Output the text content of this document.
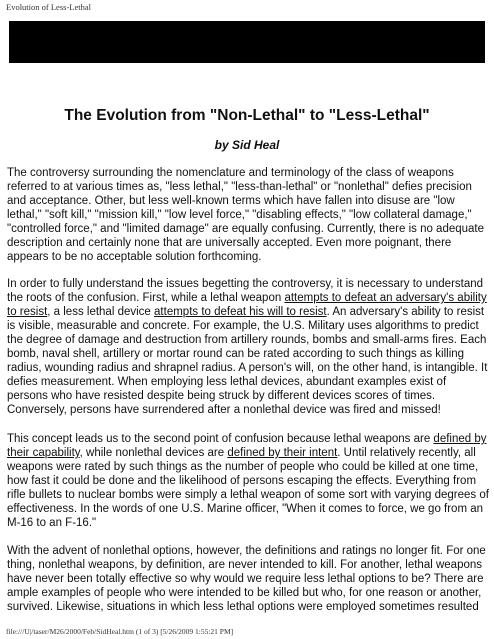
Evolution of Less-Lethal
The Evolution from "Non-Lethal" to "Less-Lethal"
by Sid Heal
The controversy surrounding the nomenclature and terminology of the class of weapons
referred to at various times as, "less lethal," "less-than-lethal" or "nonlethal" defies precision
and acceptance. Other, but less well-known terms which have fallen into disuse are "low
lethal," "soft kill," "mission kill," "low level force," "disabling effects," "low collateral damage,"
"controlled force," and "limited damage" are equally confusing. Currently, there is no adequate
description and certainly none that are universally accepted. Even more poignant, there
appears to be no acceptable solution forthcoming.
In order to fully understand the issues begetting the controversy, it is necessary to understand
the roots of the confusion. First, while a lethal weapon attempts to defeat an adversary's ability
to resist, a less lethal device attempts to defeat his will to resist. An adversary's ability to resist
is visible, measurable and concrete. For example, the U.S. Military uses algorithms to predict
the degree of damage and destruction from artillery rounds, bombs and small-arms fires. Each
bomb, naval shell, artillery or mortar round can be rated according to such things as killing
radius, wounding radius and shrapnel radius. A person's will, on the other hand, is intangible. It
defies measurement. When employing less lethal devices, abundant examples exist of
persons who have resisted despite being struck by different devices scores of times.
Conversely, persons have surrendered after a nonlethal device was fired and missed!
This concept leads us to the second point of confusion because lethal weapons are defined by
their capability, while nonlethal devices are defined by their intent. Until relatively recently, all
weapons were rated by such things as the number of people who could be killed at one time,
how fast it could be done and the likelihood of persons escaping the effects. Everything from
rifle bullets to nuclear bombs were simply a lethal weapon of some sort with varying degrees of
effectiveness. In the words of one U.S. Marine officer, "When it comes to force, we go from an
M-16 to an F-16."
With the advent of nonlethal options, however, the definitions and ratings no longer fit. For one
thing, nonlethal weapons, by definition, are never intended to kill. For another, lethal weapons
have never been totally effective so why would we require less lethal options to be? There are
ample examples of people who were intended to be killed but who, for one reason or another,
survived. Likewise, situations in which less lethal options were employed sometimes resulted
file:///U|/taser/M26/2000/Feb/SidHeal.htm (1 of 3) [5/26/2009 1:55:21 PM]
